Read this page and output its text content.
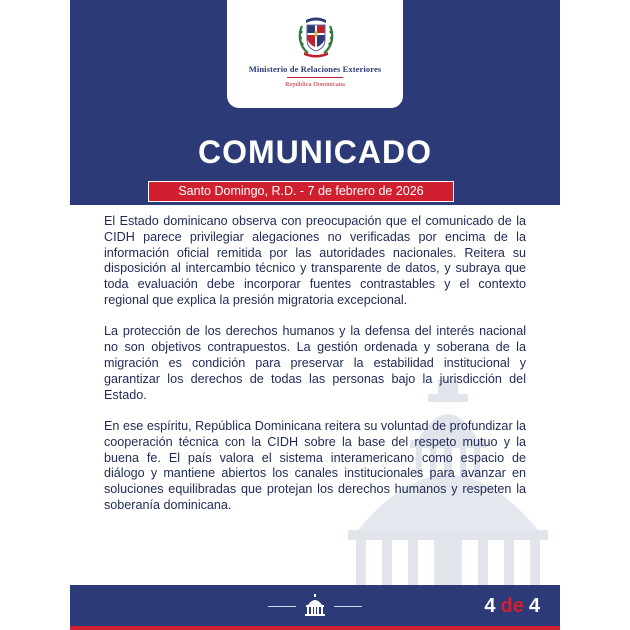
Ministerio de Relaciones Exteriores
República Dominicana
COMUNICADO
Santo Domingo, R.D. - 7 de febrero de 2026

El Estado dominicano observa con preocupación que el comunicado de la CIDH parece privilegiar alegaciones no verificadas por encima de la información oficial remitida por las autoridades nacionales. Reitera su disposición al intercambio técnico y transparente de datos, y subraya que toda evaluación debe incorporar fuentes contrastables y el contexto regional que explica la presión migratoria excepcional.

La protección de los derechos humanos y la defensa del interés nacional no son objetivos contrapuestos. La gestión ordenada y soberana de la migración es condición para preservar la estabilidad institucional y garantizar los derechos de todas las personas bajo la jurisdicción del Estado.

En ese espíritu, República Dominicana reitera su voluntad de profundizar la cooperación técnica con la CIDH sobre la base del respeto mutuo y la buena fe. El país valora el sistema interamericano como espacio de diálogo y mantiene abiertos los canales institucionales para avanzar en soluciones equilibradas que protejan los derechos humanos y respeten la soberanía dominicana.

4 de 4
